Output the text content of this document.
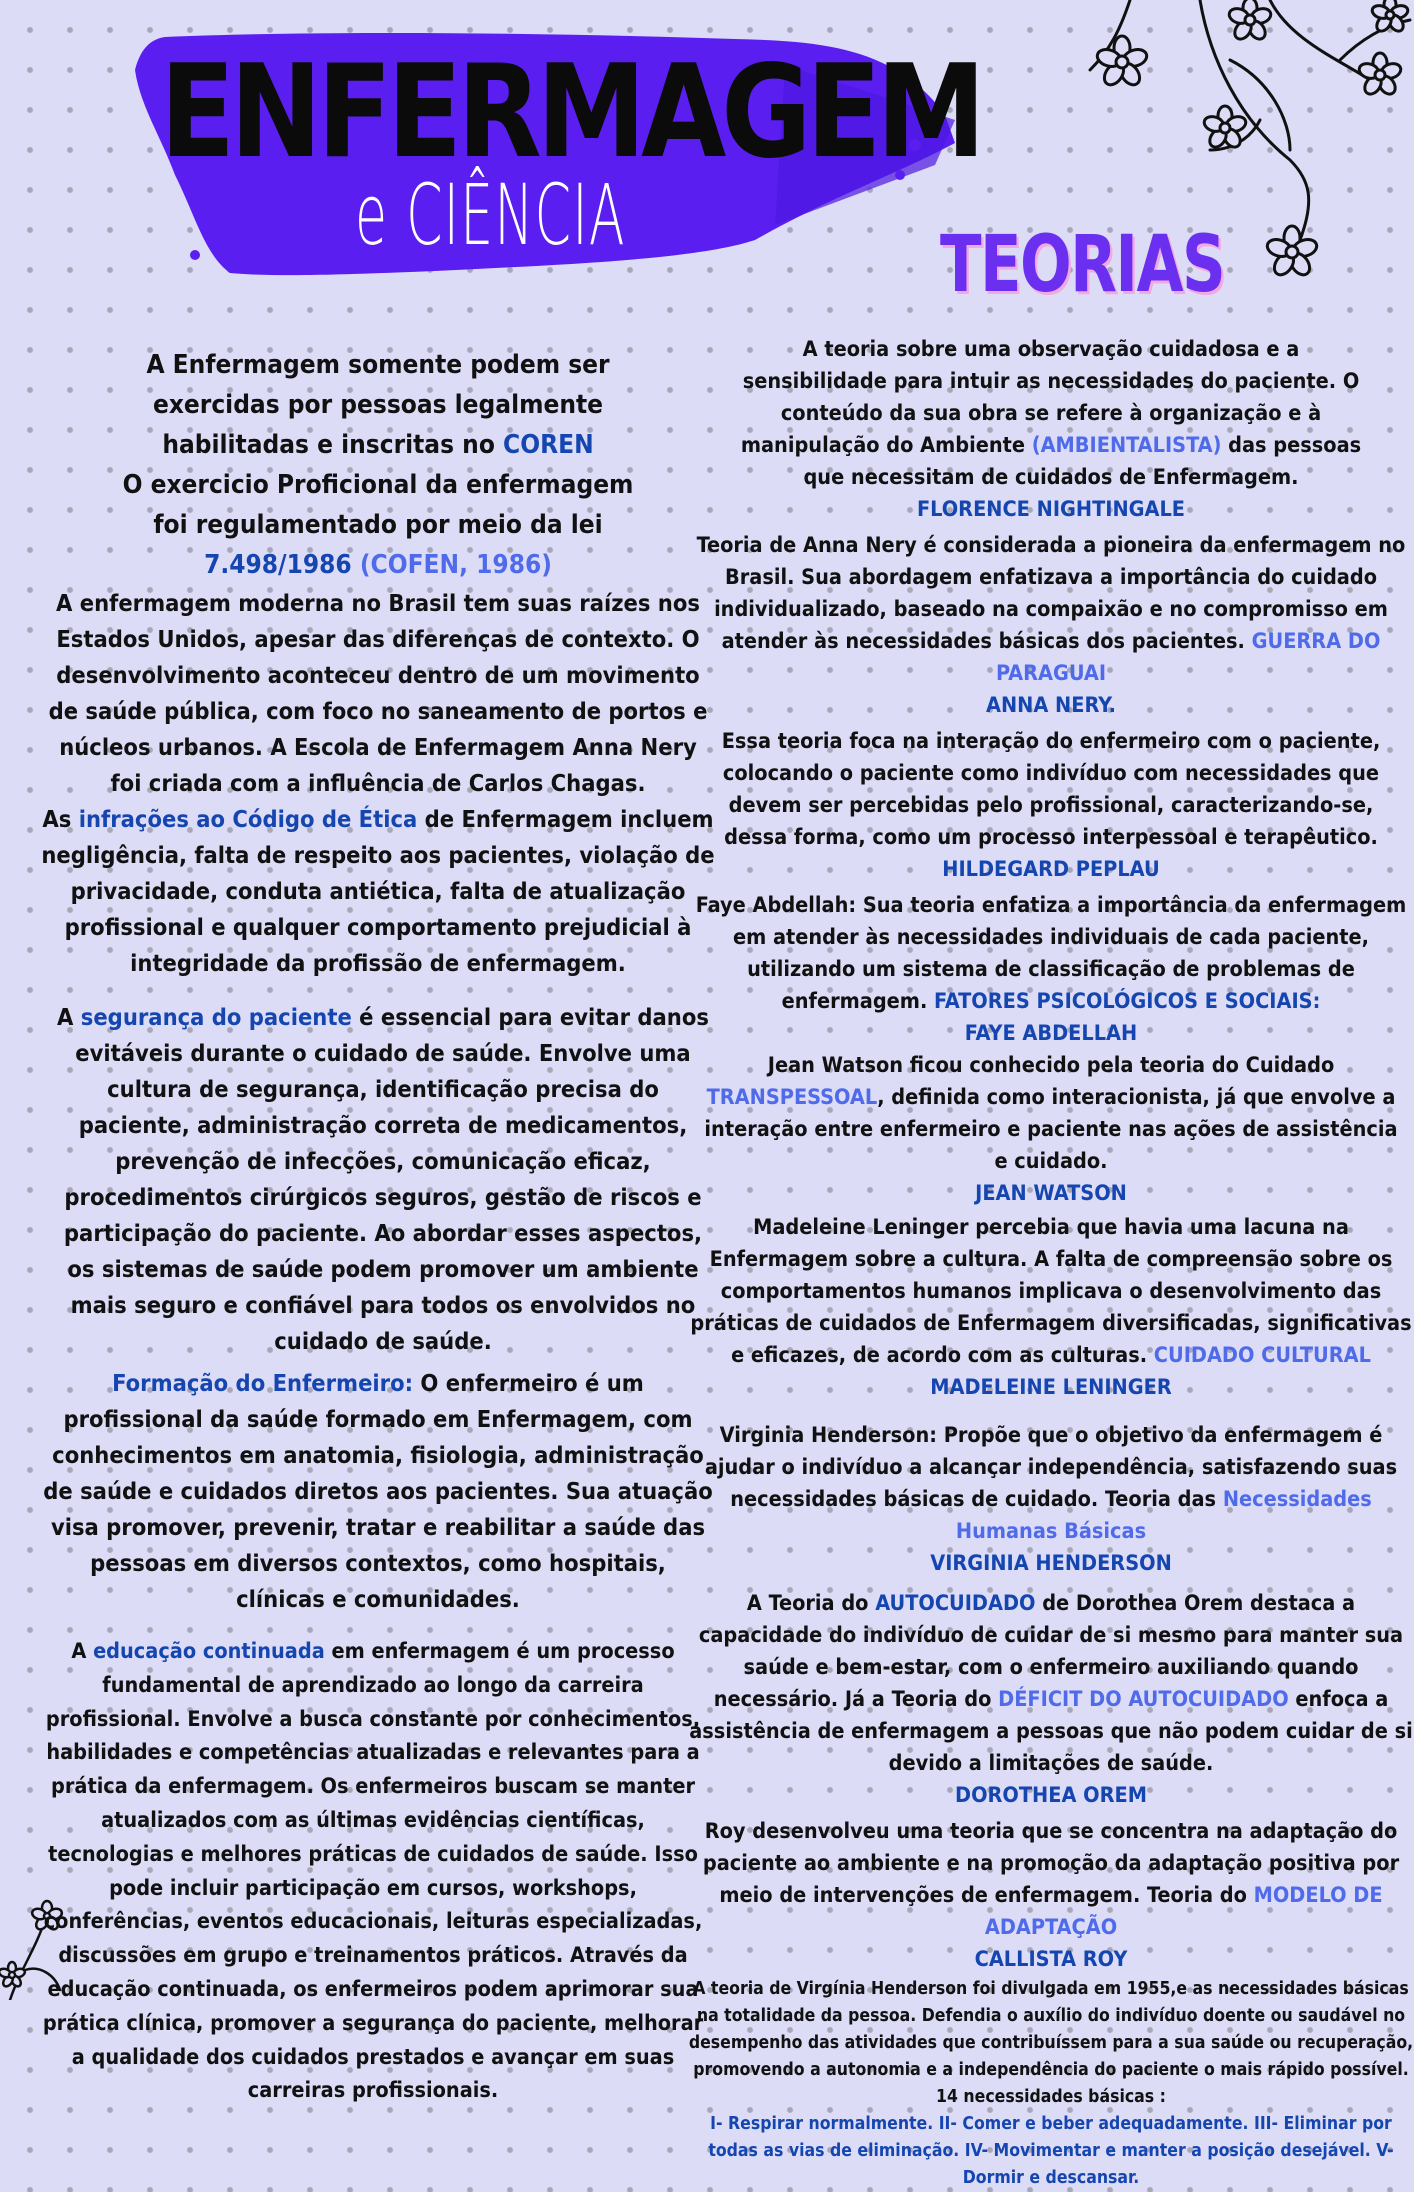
ENFERMAGEM
e CIÊNCIA
TEORIAS

A Enfermagem somente podem ser exercidas por pessoas legalmente habilitadas e inscritas no COREN

O exercicio Proficional da enfermagem foi regulamentado por meio da lei 7.498/1986 (COFEN, 1986)

A enfermagem moderna no Brasil tem suas raízes nos Estados Unidos, apesar das diferenças de contexto. O desenvolvimento aconteceu dentro de um movimento de saúde pública, com foco no saneamento de portos e núcleos urbanos. A Escola de Enfermagem Anna Nery foi criada com a influência de Carlos Chagas.

As infrações ao Código de Ética de Enfermagem incluem negligência, falta de respeito aos pacientes, violação de privacidade, conduta antiética, falta de atualização profissional e qualquer comportamento prejudicial à integridade da profissão de enfermagem.

A segurança do paciente é essencial para evitar danos evitáveis durante o cuidado de saúde. Envolve uma cultura de segurança, identificação precisa do paciente, administração correta de medicamentos, prevenção de infecções, comunicação eficaz, procedimentos cirúrgicos seguros, gestão de riscos e participação do paciente. Ao abordar esses aspectos, os sistemas de saúde podem promover um ambiente mais seguro e confiável para todos os envolvidos no cuidado de saúde.

Formação do Enfermeiro: O enfermeiro é um profissional da saúde formado em Enfermagem, com conhecimentos em anatomia, fisiologia, administração de saúde e cuidados diretos aos pacientes. Sua atuação visa promover, prevenir, tratar e reabilitar a saúde das pessoas em diversos contextos, como hospitais, clínicas e comunidades.

A educação continuada em enfermagem é um processo fundamental de aprendizado ao longo da carreira profissional. Envolve a busca constante por conhecimentos, habilidades e competências atualizadas e relevantes para a prática da enfermagem. Os enfermeiros buscam se manter atualizados com as últimas evidências científicas, tecnologias e melhores práticas de cuidados de saúde. Isso pode incluir participação em cursos, workshops, conferências, eventos educacionais, leituras especializadas, discussões em grupo e treinamentos práticos. Através da educação continuada, os enfermeiros podem aprimorar sua prática clínica, promover a segurança do paciente, melhorar a qualidade dos cuidados prestados e avançar em suas carreiras profissionais.

A teoria sobre uma observação cuidadosa e a sensibilidade para intuir as necessidades do paciente. O conteúdo da sua obra se refere à organização e à manipulação do Ambiente (AMBIENTALISTA) das pessoas que necessitam de cuidados de Enfermagem.
FLORENCE NIGHTINGALE

Teoria de Anna Nery é considerada a pioneira da enfermagem no Brasil. Sua abordagem enfatizava a importância do cuidado individualizado, baseado na compaixão e no compromisso em atender às necessidades básicas dos pacientes. GUERRA DO PARAGUAI
ANNA NERY.

Essa teoria foca na interação do enfermeiro com o paciente, colocando o paciente como indivíduo com necessidades que devem ser percebidas pelo profissional, caracterizando-se, dessa forma, como um processo interpessoal e terapêutico.
HILDEGARD PEPLAU

Faye Abdellah: Sua teoria enfatiza a importância da enfermagem em atender às necessidades individuais de cada paciente, utilizando um sistema de classificação de problemas de enfermagem. FATORES PSICOLÓGICOS E SOCIAIS:
FAYE ABDELLAH

Jean Watson ficou conhecido pela teoria do Cuidado TRANSPESSOAL, definida como interacionista, já que envolve a interação entre enfermeiro e paciente nas ações de assistência e cuidado.
JEAN WATSON

Madeleine Leninger percebia que havia uma lacuna na Enfermagem sobre a cultura. A falta de compreensão sobre os comportamentos humanos implicava o desenvolvimento das práticas de cuidados de Enfermagem diversificadas, significativas e eficazes, de acordo com as culturas. CUIDADO CULTURAL
MADELEINE LENINGER

Virginia Henderson: Propõe que o objetivo da enfermagem é ajudar o indivíduo a alcançar independência, satisfazendo suas necessidades básicas de cuidado. Teoria das Necessidades Humanas Básicas
VIRGINIA HENDERSON

A Teoria do AUTOCUIDADO de Dorothea Orem destaca a capacidade do indivíduo de cuidar de si mesmo para manter sua saúde e bem-estar, com o enfermeiro auxiliando quando necessário. Já a Teoria do DÉFICIT DO AUTOCUIDADO enfoca a assistência de enfermagem a pessoas que não podem cuidar de si devido a limitações de saúde.
DOROTHEA OREM

Roy desenvolveu uma teoria que se concentra na adaptação do paciente ao ambiente e na promoção da adaptação positiva por meio de intervenções de enfermagem. Teoria do MODELO DE ADAPTAÇÃO
CALLISTA ROY

A teoria de Virgínia Henderson foi divulgada em 1955,e as necessidades básicas na totalidade da pessoa. Defendia o auxílio do indivíduo doente ou saudável no desempenho das atividades que contribuíssem para a sua saúde ou recuperação, promovendo a autonomia e a independência do paciente o mais rápido possível. 14 necessidades básicas :
I- Respirar normalmente. II- Comer e beber adequadamente. III- Eliminar por todas as vias de eliminação. IV- Movimentar e manter a posição desejável. V- Dormir e descansar.
